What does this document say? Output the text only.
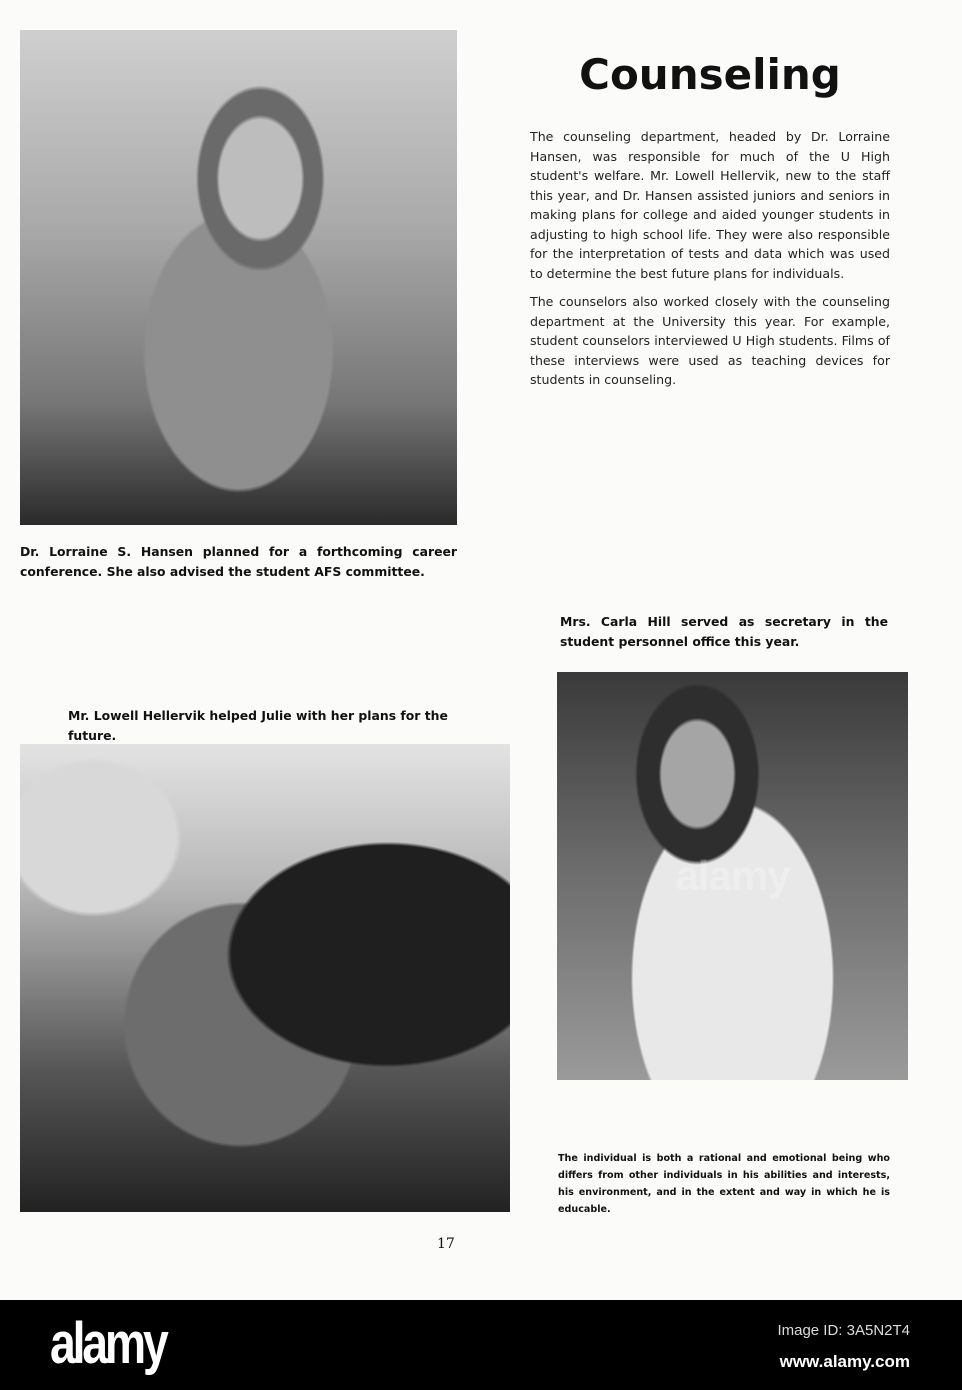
Dr. Lorraine S. Hansen planned for a forthcoming career conference. She also advised the student AFS committee.
Counseling

The counseling department, headed by Dr. Lorraine Hansen, was responsible for much of the U High student's welfare. Mr. Lowell Hellervik, new to the staff this year, and Dr. Hansen assisted juniors and seniors in making plans for college and aided younger students in adjusting to high school life. They were also responsible for the interpretation of tests and data which was used to determine the best future plans for individuals.

The counselors also worked closely with the counseling department at the University this year. For example, student counselors interviewed U High students. Films of these interviews were used as teaching devices for students in counseling.

Mrs. Carla Hill served as secretary in the student personnel office this year.
alamy
Mr. Lowell Hellervik helped Julie with her plans for the future.
The individual is both a rational and emotional being who differs from other individuals in his abilities and interests, his environment, and in the extent and way in which he is educable.
17
alamy	Image ID: 3A5N2T4
www.alamy.com
